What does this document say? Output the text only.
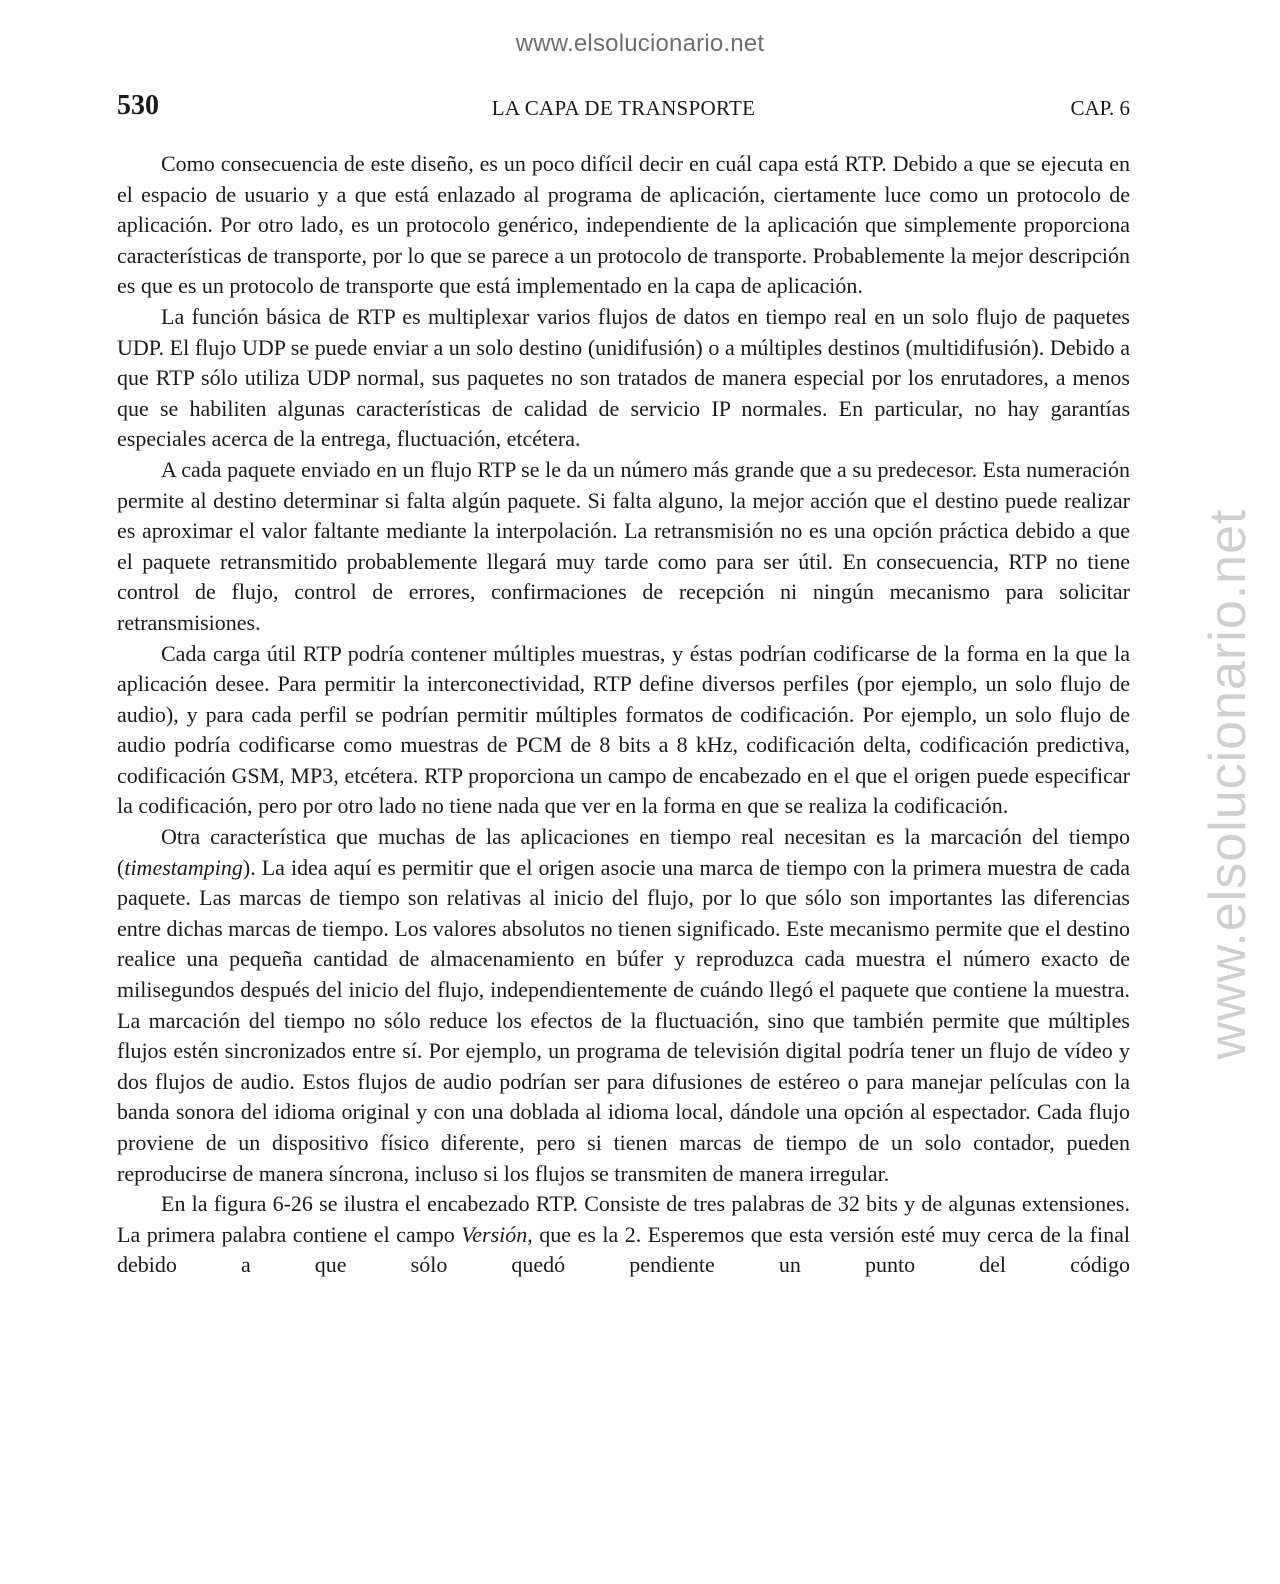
www.elsolucionario.net
www.elsolucionario.net
530	LA CAPA DE TRANSPORTE	CAP. 6

Como consecuencia de este diseño, es un poco difícil decir en cuál capa está RTP. Debido a que se ejecuta en el espacio de usuario y a que está enlazado al programa de aplicación, ciertamente luce como un protocolo de aplicación. Por otro lado, es un protocolo genérico, independiente de la aplicación que simplemente proporciona características de transporte, por lo que se parece a un protocolo de transporte. Probablemente la mejor descripción es que es un protocolo de transporte que está implementado en la capa de aplicación.

La función básica de RTP es multiplexar varios flujos de datos en tiempo real en un solo flujo de paquetes UDP. El flujo UDP se puede enviar a un solo destino (unidifusión) o a múltiples destinos (multidifusión). Debido a que RTP sólo utiliza UDP normal, sus paquetes no son tratados de manera especial por los enrutadores, a menos que se habiliten algunas características de calidad de servicio IP normales. En particular, no hay garantías especiales acerca de la entrega, fluctuación, etcétera.

A cada paquete enviado en un flujo RTP se le da un número más grande que a su predecesor. Esta numeración permite al destino determinar si falta algún paquete. Si falta alguno, la mejor acción que el destino puede realizar es aproximar el valor faltante mediante la interpolación. La retransmisión no es una opción práctica debido a que el paquete retransmitido probablemente llegará muy tarde como para ser útil. En consecuencia, RTP no tiene control de flujo, control de errores, confirmaciones de recepción ni ningún mecanismo para solicitar retransmisiones.

Cada carga útil RTP podría contener múltiples muestras, y éstas podrían codificarse de la forma en la que la aplicación desee. Para permitir la interconectividad, RTP define diversos perfiles (por ejemplo, un solo flujo de audio), y para cada perfil se podrían permitir múltiples formatos de codificación. Por ejemplo, un solo flujo de audio podría codificarse como muestras de PCM de 8 bits a 8 kHz, codificación delta, codificación predictiva, codificación GSM, MP3, etcétera. RTP proporciona un campo de encabezado en el que el origen puede especificar la codificación, pero por otro lado no tiene nada que ver en la forma en que se realiza la codificación.

Otra característica que muchas de las aplicaciones en tiempo real necesitan es la marcación del tiempo (timestamping). La idea aquí es permitir que el origen asocie una marca de tiempo con la primera muestra de cada paquete. Las marcas de tiempo son relativas al inicio del flujo, por lo que sólo son importantes las diferencias entre dichas marcas de tiempo. Los valores absolutos no tienen significado. Este mecanismo permite que el destino realice una pequeña cantidad de almacenamiento en búfer y reproduzca cada muestra el número exacto de milisegundos después del inicio del flujo, independientemente de cuándo llegó el paquete que contiene la muestra. La marcación del tiempo no sólo reduce los efectos de la fluctuación, sino que también permite que múltiples flujos estén sincronizados entre sí. Por ejemplo, un programa de televisión digital podría tener un flujo de vídeo y dos flujos de audio. Estos flujos de audio podrían ser para difusiones de estéreo o para manejar películas con la banda sonora del idioma original y con una doblada al idioma local, dándole una opción al espectador. Cada flujo proviene de un dispositivo físico diferente, pero si tienen marcas de tiempo de un solo contador, pueden reproducirse de manera síncrona, incluso si los flujos se transmiten de manera irregular.

En la figura 6-26 se ilustra el encabezado RTP. Consiste de tres palabras de 32 bits y de algunas extensiones. La primera palabra contiene el campo Versión, que es la 2. Esperemos que esta versión esté muy cerca de la final debido a que sólo quedó pendiente un punto del código
